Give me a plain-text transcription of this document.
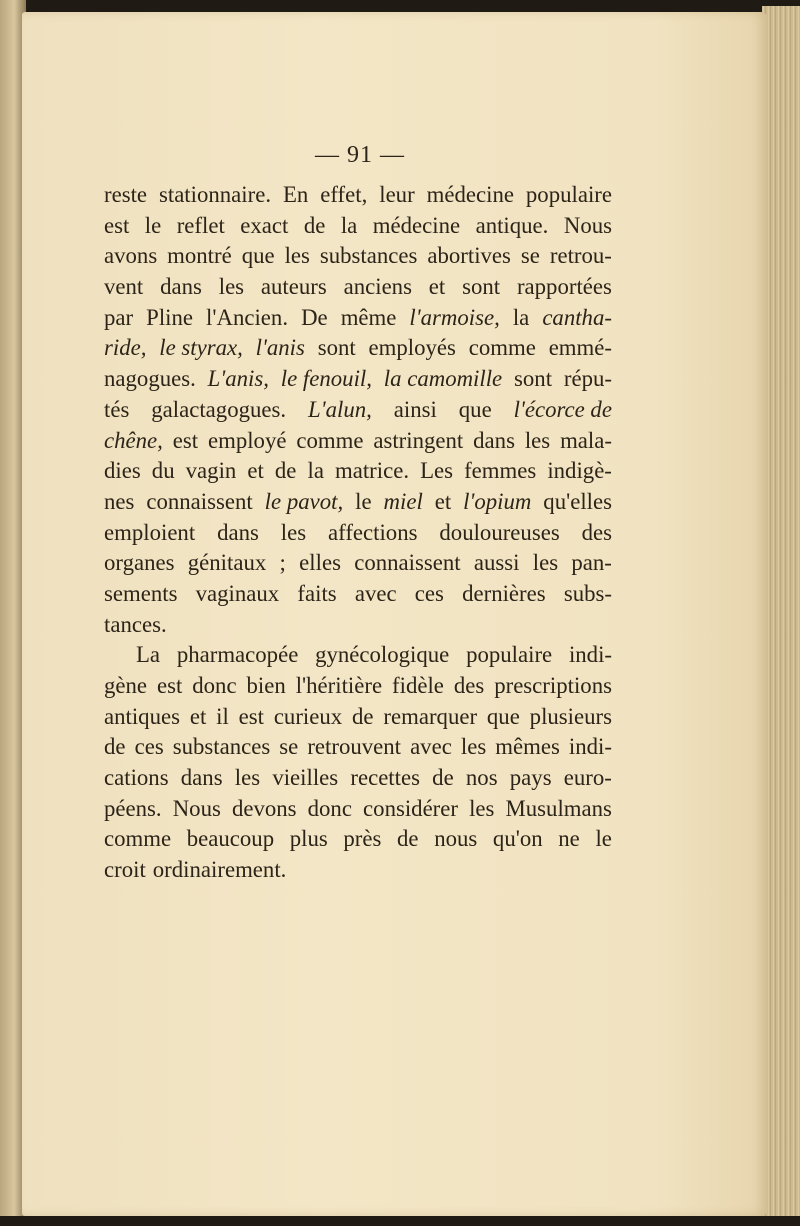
— 91 —
reste stationnaire. En effet, leur médecine populaire
est le reflet exact de la médecine antique. Nous
avons montré que les substances abortives se retrou-
vent dans les auteurs anciens et sont rapportées
par Pline l'Ancien. De même l'armoise, la cantha-
ride, le styrax, l'anis sont employés comme emmé-
nagogues. L'anis, le fenouil, la camomille sont répu-
tés galactagogues. L'alun, ainsi que l'écorce de
chêne, est employé comme astringent dans les mala-
dies du vagin et de la matrice. Les femmes indigè-
nes connaissent le pavot, le miel et l'opium qu'elles
emploient dans les affections douloureuses des
organes génitaux ; elles connaissent aussi les pan-
sements vaginaux faits avec ces dernières subs-
tances.
La pharmacopée gynécologique populaire indi-
gène est donc bien l'héritière fidèle des prescriptions
antiques et il est curieux de remarquer que plusieurs
de ces substances se retrouvent avec les mêmes indi-
cations dans les vieilles recettes de nos pays euro-
péens. Nous devons donc considérer les Musulmans
comme beaucoup plus près de nous qu'on ne le
croit ordinairement.
